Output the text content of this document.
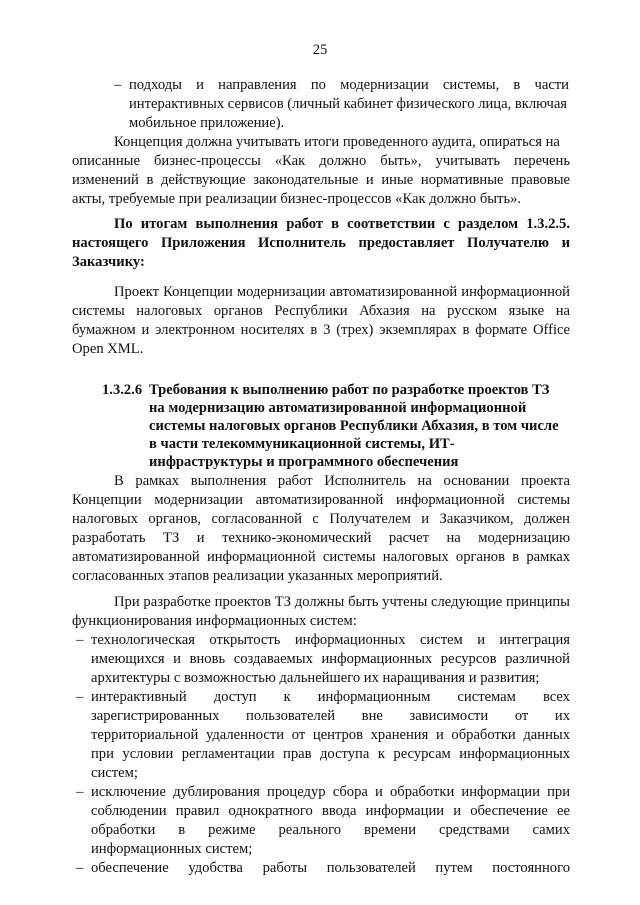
25
– подходы и направления по модернизации системы, в части
интерактивных сервисов (личный кабинет физического лица, включая
мобильное приложение).
Концепция должна учитывать итоги проведенного аудита, опираться на
описанные бизнес-процессы «Как должно быть», учитывать перечень
изменений в действующие законодательные и иные нормативные правовые
акты, требуемые при реализации бизнес-процессов «Как должно быть».
По итогам выполнения работ в соответствии с разделом 1.3.2.5.
настоящего Приложения Исполнитель предоставляет Получателю и
Заказчику:
Проект Концепции модернизации автоматизированной информационной
системы налоговых органов Республики Абхазия на русском языке на
бумажном и электронном носителях в 3 (трех) экземплярах в формате Office
Open XML.
1.3.2.6 Требования к выполнению работ по разработке проектов ТЗ
на модернизацию автоматизированной информационной
системы налоговых органов Республики Абхазия, в том числе
в части телекоммуникационной системы, ИТ-
инфраструктуры и программного обеспечения
В рамках выполнения работ Исполнитель на основании проекта
Концепции модернизации автоматизированной информационной системы
налоговых органов, согласованной с Получателем и Заказчиком, должен
разработать ТЗ и технико-экономический расчет на модернизацию
автоматизированной информационной системы налоговых органов в рамках
согласованных этапов реализации указанных мероприятий.
При разработке проектов ТЗ должны быть учтены следующие принципы
функционирования информационных систем:
– технологическая открытость информационных систем и интеграция
имеющихся и вновь создаваемых информационных ресурсов различной
архитектуры с возможностью дальнейшего их наращивания и развития;
– интерактивный доступ к информационным системам всех
зарегистрированных пользователей вне зависимости от их
территориальной удаленности от центров хранения и обработки данных
при условии регламентации прав доступа к ресурсам информационных
систем;
– исключение дублирования процедур сбора и обработки информации при
соблюдении правил однократного ввода информации и обеспечение ее
обработки в режиме реального времени средствами самих
информационных систем;
– обеспечение удобства работы пользователей путем постоянного
